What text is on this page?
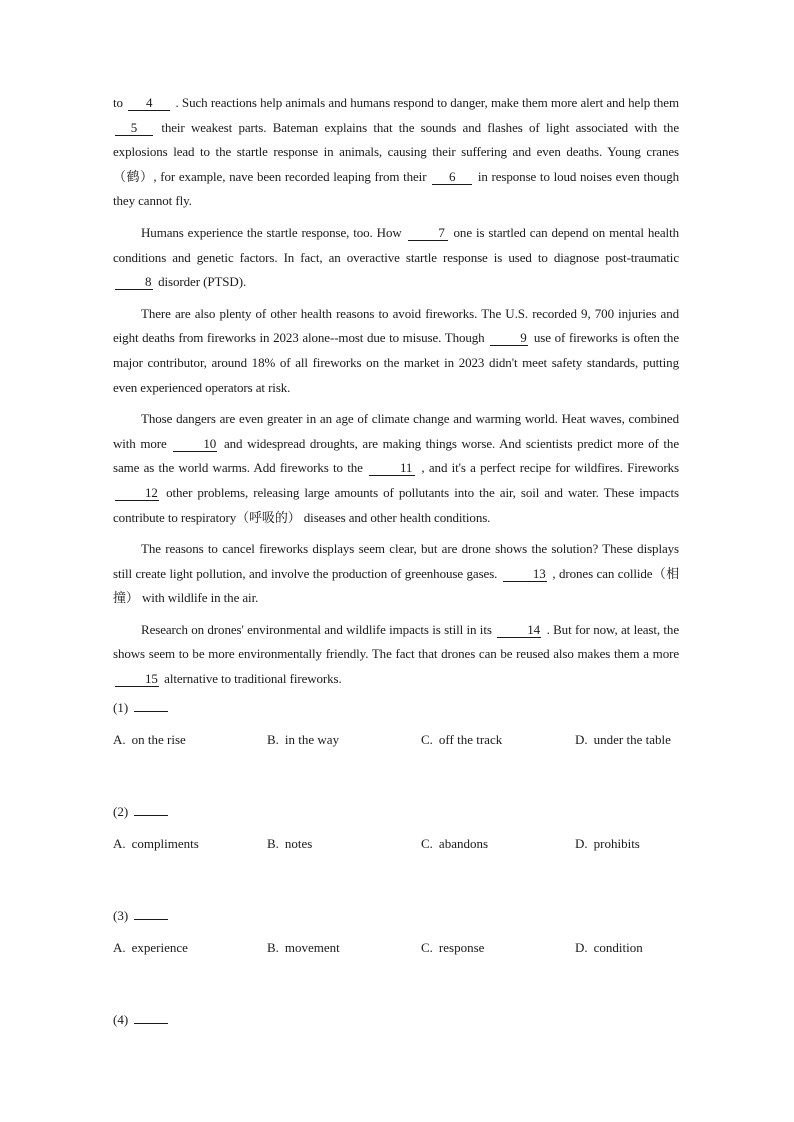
to 4 . Such reactions help animals and humans respond to danger, make them more alert and help them 5 their weakest parts. Bateman explains that the sounds and flashes of light associated with the explosions lead to the startle response in animals, causing their suffering and even deaths. Young cranes（鹤）, for example, nave been recorded leaping from their 6 in response to loud noises even though they cannot fly.

Humans experience the startle response, too. How	7 one is startled can depend on mental health conditions and genetic factors. In fact, an overactive startle response is used to diagnose post-traumatic 8 disorder (PTSD).

There are also plenty of other health reasons to avoid fireworks. The U.S. recorded 9, 700 injuries and eight deaths from fireworks in 2023 alone--most due to misuse. Though 9 use of fireworks is often the major contributor, around 18% of all fireworks on the market in 2023 didn't meet safety standards, putting even experienced operators at risk.

Those dangers are even greater in an age of climate change and warming world. Heat waves, combined with more 10 and widespread droughts, are making things worse. And scientists predict more of the same as the world warms. Add fireworks to the	11 , and it's a perfect recipe for wildfires. Fireworks 12 other problems, releasing large amounts of pollutants into the air, soil and water. These impacts contribute to respiratory（呼吸的） diseases and other health conditions.

The reasons to cancel fireworks displays seem clear, but are drone shows the solution? These displays still create light pollution, and involve the production of greenhouse gases. 13 , drones can collide（相撞） with wildlife in the air.

Research on drones' environmental and wildlife impacts is still in its 14 . But for now, at least, the shows seem to be more environmentally friendly. The fact that drones can be reused also makes them a more 15 alternative to traditional fireworks.

(1)

A. on the rise	B. in the way	C. off the track	D. under the table

(2)

A. compliments	B. notes	C. abandons	D. prohibits

(3)

A. experience	B. movement	C. response	D. condition

(4)
